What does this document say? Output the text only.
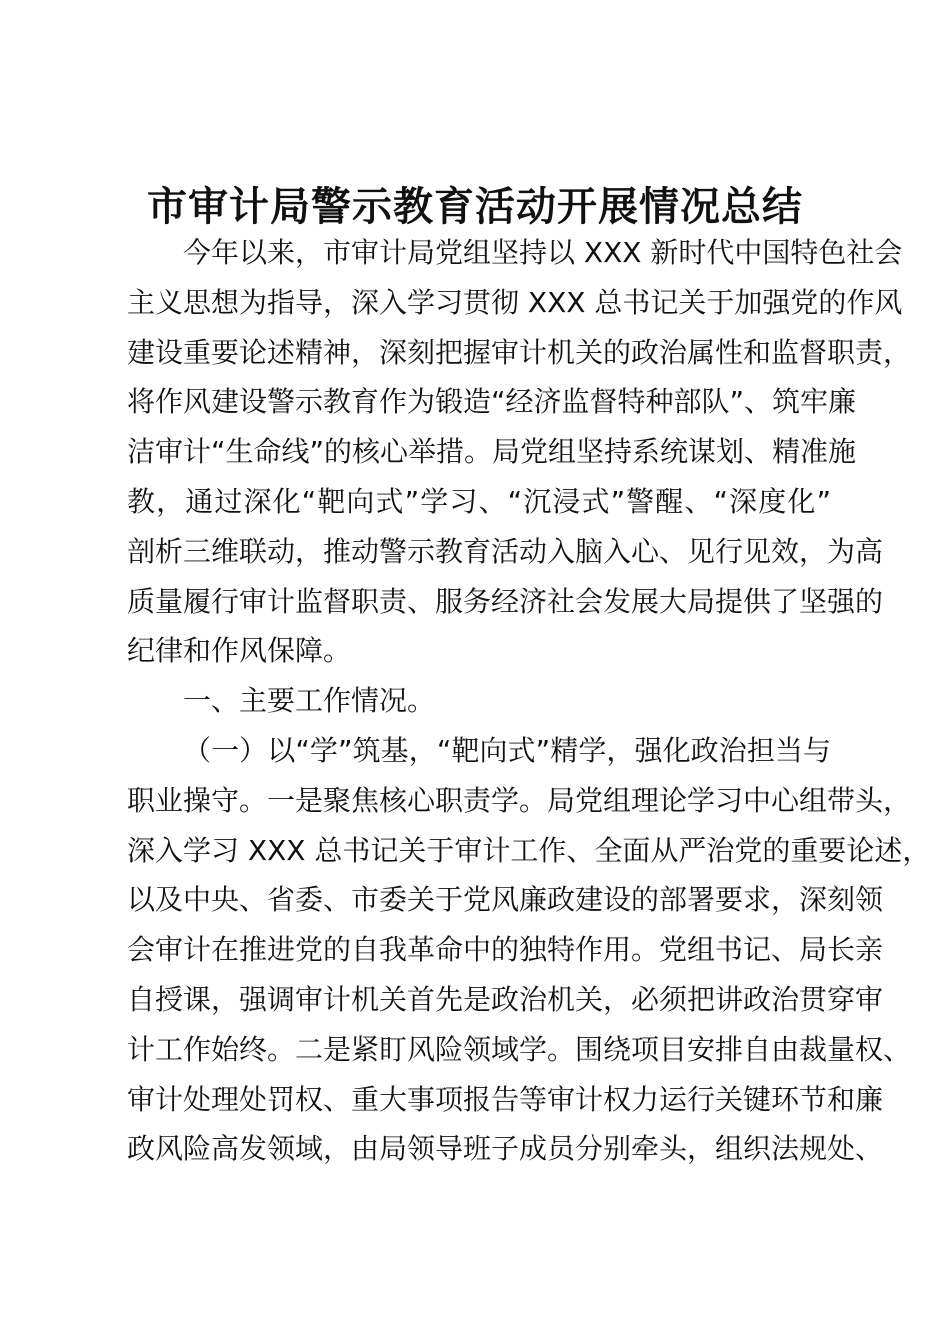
市审计局警示教育活动开展情况总结
今年以来，市审计局党组坚持以 XXX 新时代中国特色社会
主义思想为指导，深入学习贯彻 XXX 总书记关于加强党的作风
建设重要论述精神，深刻把握审计机关的政治属性和监督职责，
将作风建设警示教育作为锻造“经济监督特种部队”、筑牢廉
洁审计“生命线”的核心举措。局党组坚持系统谋划、精准施
教，通过深化“靶向式”学习、“沉浸式”警醒、“深度化”
剖析三维联动，推动警示教育活动入脑入心、见行见效，为高
质量履行审计监督职责、服务经济社会发展大局提供了坚强的
纪律和作风保障。
一、主要工作情况。
（一）以“学”筑基，“靶向式”精学，强化政治担当与
职业操守。一是聚焦核心职责学。局党组理论学习中心组带头，
深入学习 XXX 总书记关于审计工作、全面从严治党的重要论述，
以及中央、省委、市委关于党风廉政建设的部署要求，深刻领
会审计在推进党的自我革命中的独特作用。党组书记、局长亲
自授课，强调审计机关首先是政治机关，必须把讲政治贯穿审
计工作始终。二是紧盯风险领域学。围绕项目安排自由裁量权、
审计处理处罚权、重大事项报告等审计权力运行关键环节和廉
政风险高发领域，由局领导班子成员分别牵头，组织法规处、
